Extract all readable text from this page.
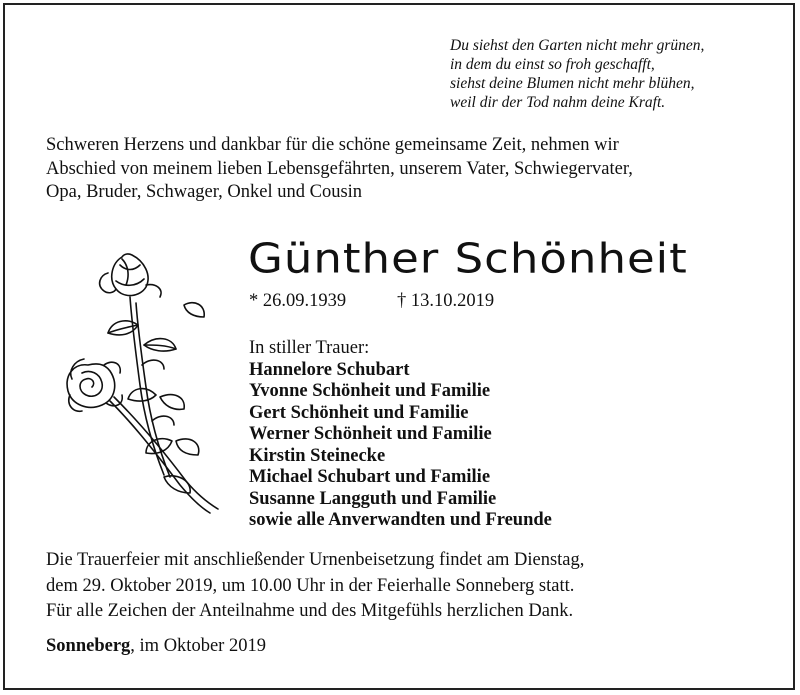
Du siehst den Garten nicht mehr grünen,
in dem du einst so froh geschafft,
siehst deine Blumen nicht mehr blühen,
weil dir der Tod nahm deine Kraft.
Schweren Herzens und dankbar für die schöne gemeinsame Zeit, nehmen wir
Abschied von meinem lieben Lebensgefährten, unserem Vater, Schwiegervater,
Opa, Bruder, Schwager, Onkel und Cousin
Günther Schönheit
* 26.09.1939	† 13.10.2019
In stiller Trauer:
Hannelore Schubart
Yvonne Schönheit und Familie
Gert Schönheit und Familie
Werner Schönheit und Familie
Kirstin Steinecke
Michael Schubart und Familie
Susanne Langguth und Familie
sowie alle Anverwandten und Freunde
Die Trauerfeier mit anschließender Urnenbeisetzung findet am Dienstag,
dem 29. Oktober 2019, um 10.00 Uhr in der Feierhalle Sonneberg statt.
Für alle Zeichen der Anteilnahme und des Mitgefühls herzlichen Dank.
Sonneberg, im Oktober 2019
